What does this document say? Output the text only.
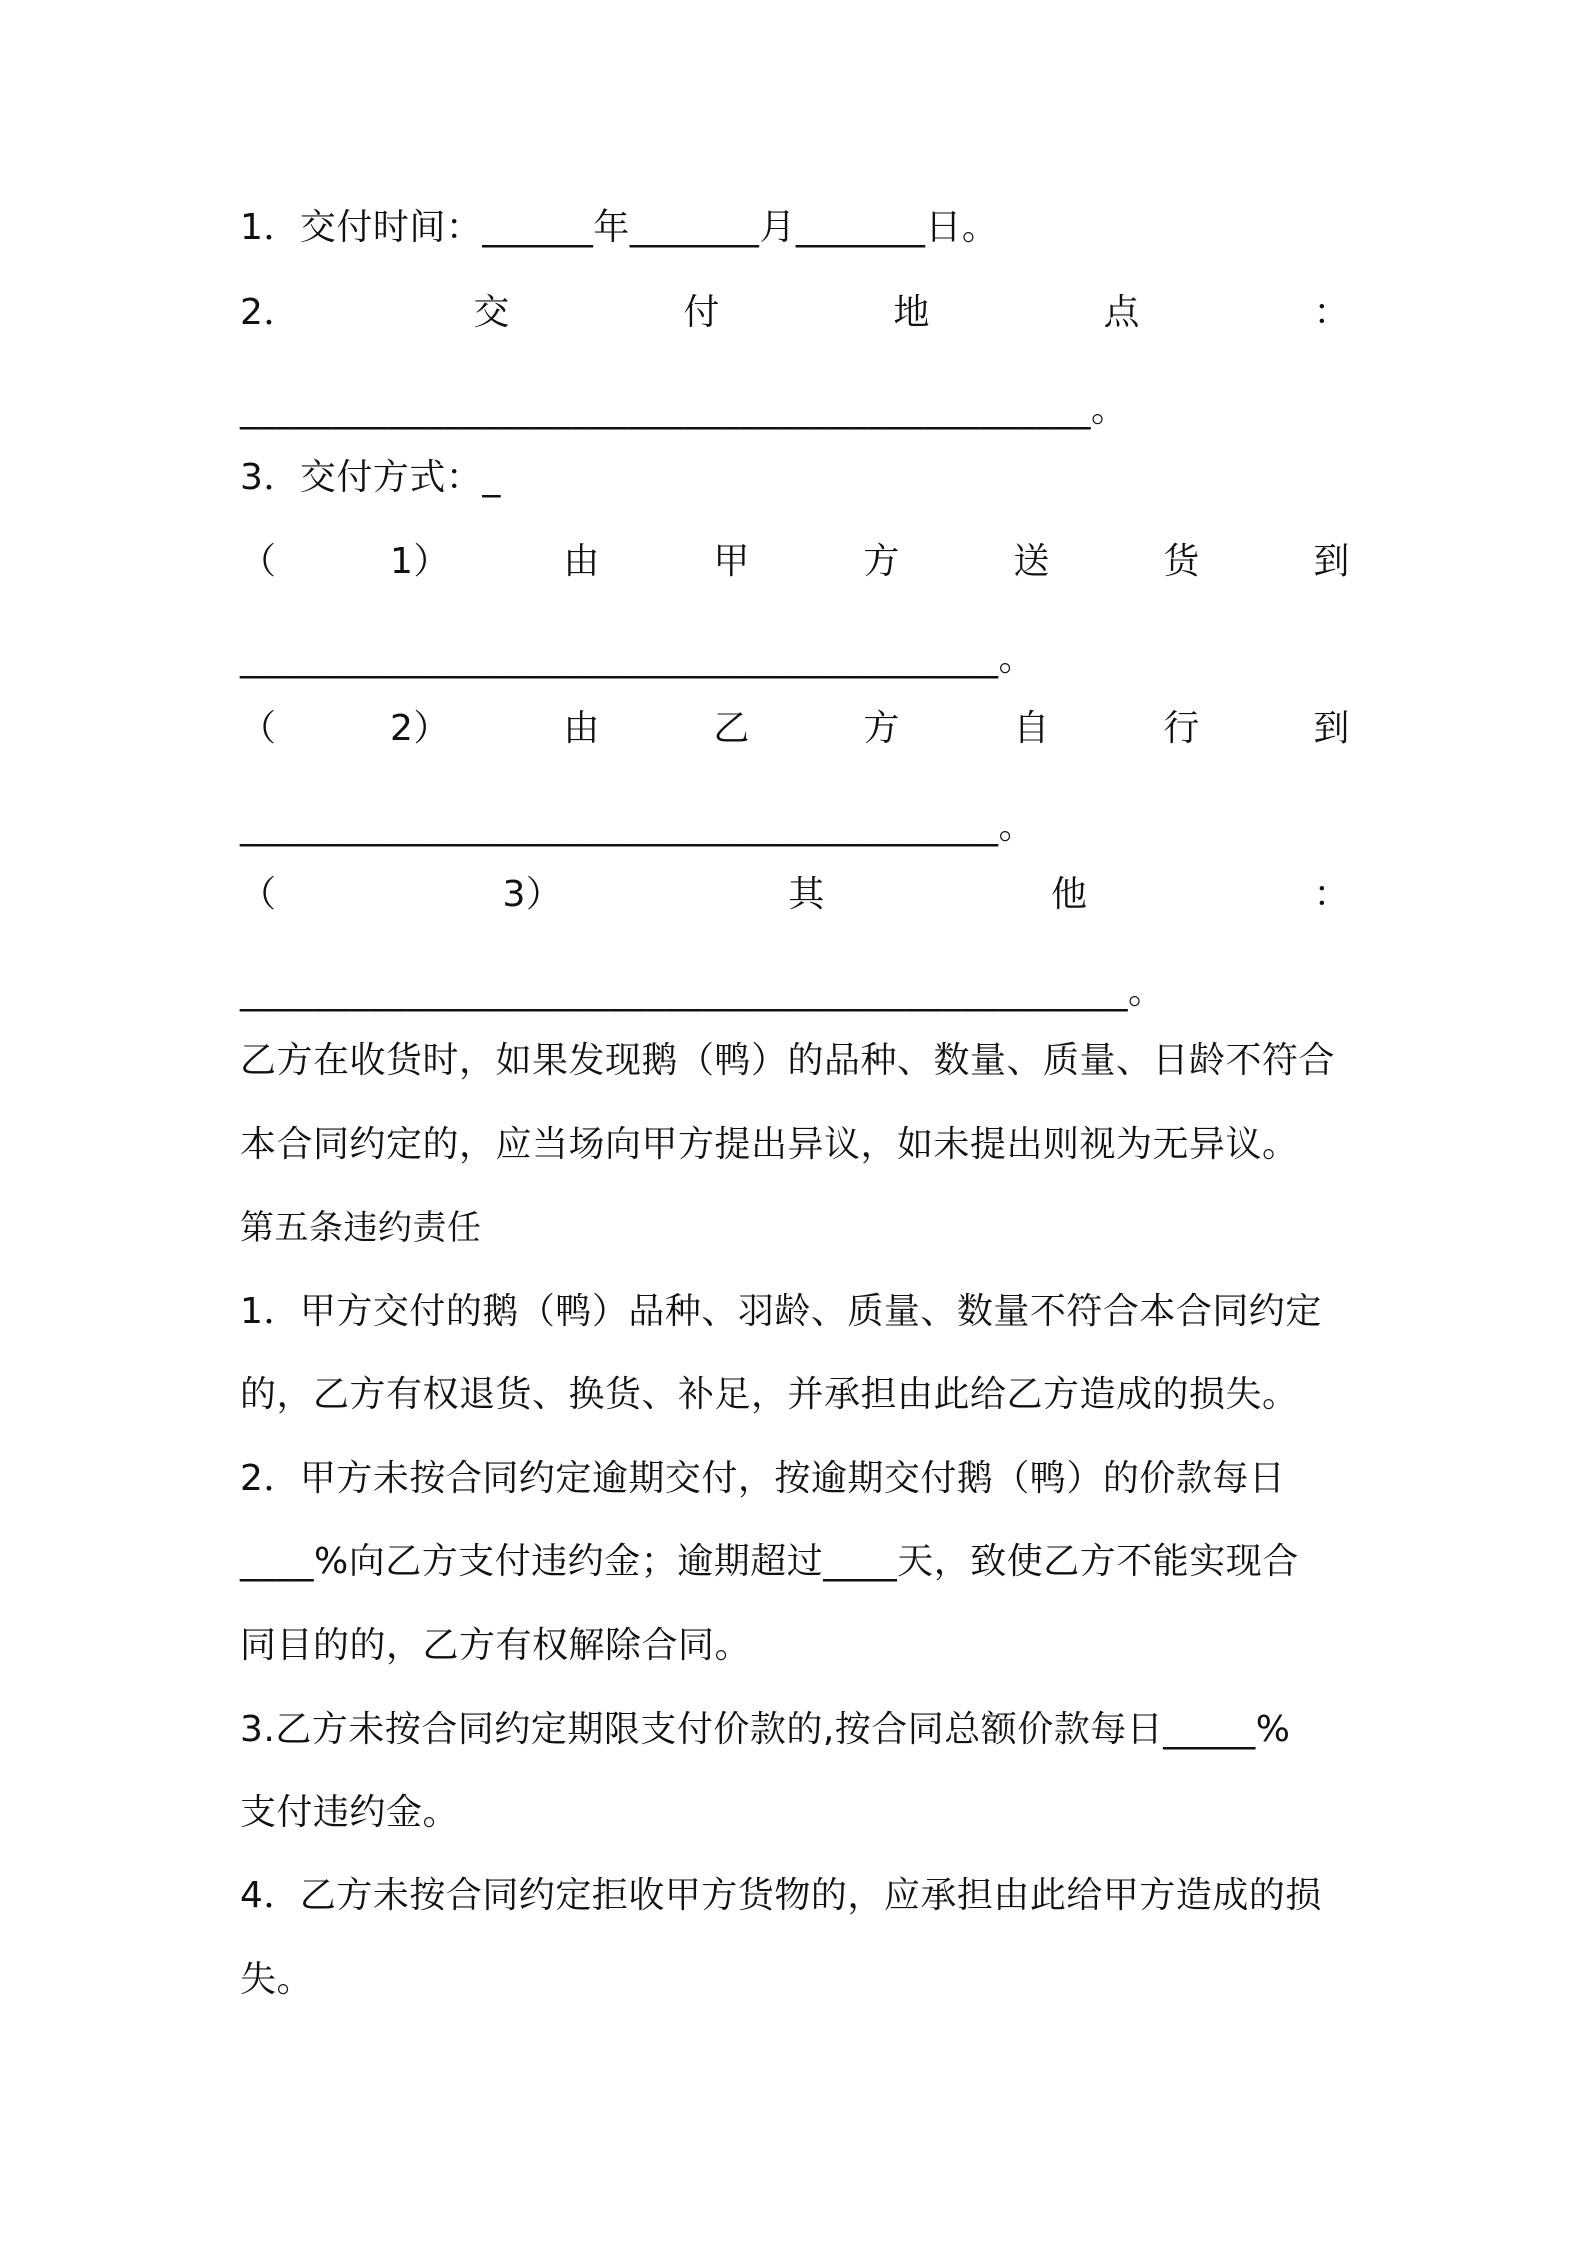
1．交付时间：______年_______月_______日。
2．	交	付	地	点	：
______________________________________________。
3．交付方式：_
（	1）	由	甲	方	送	货	到
_________________________________________。
（	2）	由	乙	方	自	行	到
_________________________________________。
（	3）	其	他	：
________________________________________________。
乙方在收货时，如果发现鹅（鸭）的品种、数量、质量、日龄不符合
本合同约定的，应当场向甲方提出异议，如未提出则视为无异议。
第五条违约责任
1．甲方交付的鹅（鸭）品种、羽龄、质量、数量不符合本合同约定
的，乙方有权退货、换货、补足，并承担由此给乙方造成的损失。
2．甲方未按合同约定逾期交付，按逾期交付鹅（鸭）的价款每日
____%向乙方支付违约金；逾期超过____天，致使乙方不能实现合
同目的的，乙方有权解除合同。
3.乙方未按合同约定期限支付价款的,按合同总额价款每日_____%
支付违约金。
4．乙方未按合同约定拒收甲方货物的，应承担由此给甲方造成的损
失。
